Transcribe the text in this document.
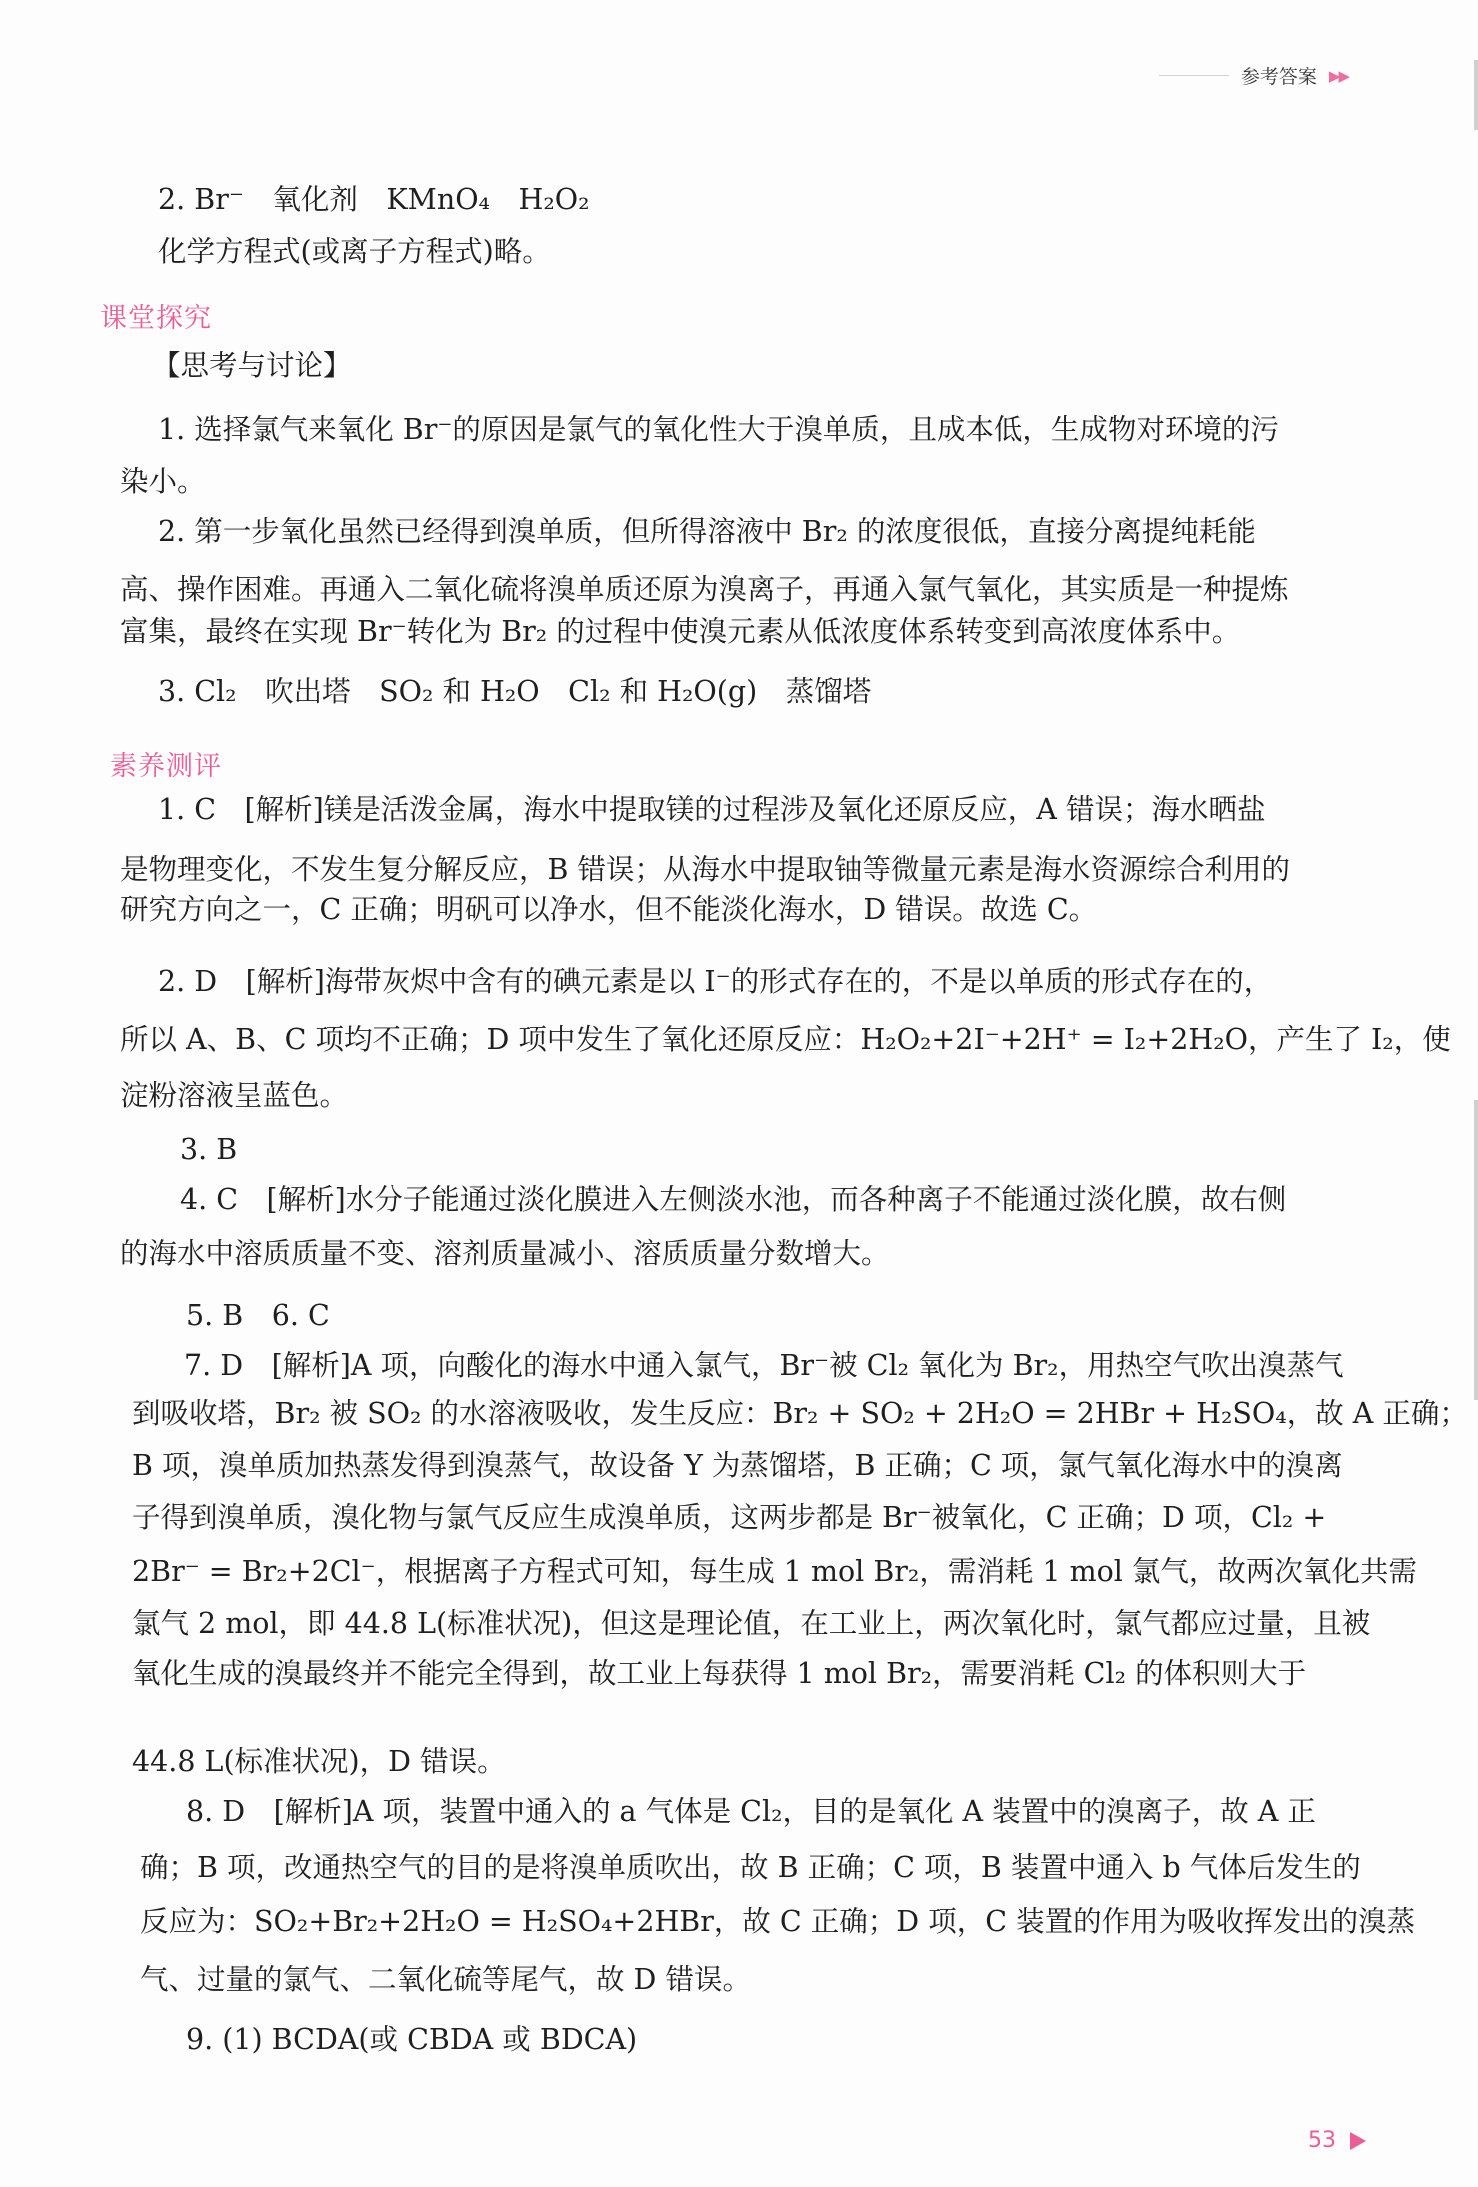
参考答案 ▶▶
2. Br⁻　氧化剂　KMnO₄　H₂O₂
化学方程式(或离子方程式)略。
课堂探究
【思考与讨论】
1. 选择氯气来氧化 Br⁻的原因是氯气的氧化性大于溴单质，且成本低，生成物对环境的污
染小。
2. 第一步氧化虽然已经得到溴单质，但所得溶液中 Br₂ 的浓度很低，直接分离提纯耗能
高、操作困难。再通入二氧化硫将溴单质还原为溴离子，再通入氯气氧化，其实质是一种提炼
富集，最终在实现 Br⁻转化为 Br₂ 的过程中使溴元素从低浓度体系转变到高浓度体系中。
3. Cl₂　吹出塔　SO₂ 和 H₂O　Cl₂ 和 H₂O(g)　蒸馏塔
素养测评
1. C　[解析]镁是活泼金属，海水中提取镁的过程涉及氧化还原反应，A 错误；海水晒盐
是物理变化，不发生复分解反应，B 错误；从海水中提取铀等微量元素是海水资源综合利用的
研究方向之一，C 正确；明矾可以净水，但不能淡化海水，D 错误。故选 C。
2. D　[解析]海带灰烬中含有的碘元素是以 I⁻的形式存在的，不是以单质的形式存在的，
所以 A、B、C 项均不正确；D 项中发生了氧化还原反应：H₂O₂+2I⁻+2H⁺ = I₂+2H₂O，产生了 I₂，使
淀粉溶液呈蓝色。
3. B
4. C　[解析]水分子能通过淡化膜进入左侧淡水池，而各种离子不能通过淡化膜，故右侧
的海水中溶质质量不变、溶剂质量减小、溶质质量分数增大。
5. B　6. C
7. D　[解析]A 项，向酸化的海水中通入氯气，Br⁻被 Cl₂ 氧化为 Br₂，用热空气吹出溴蒸气
到吸收塔，Br₂ 被 SO₂ 的水溶液吸收，发生反应：Br₂ + SO₂ + 2H₂O = 2HBr + H₂SO₄，故 A 正确；
B 项，溴单质加热蒸发得到溴蒸气，故设备 Y 为蒸馏塔，B 正确；C 项，氯气氧化海水中的溴离
子得到溴单质，溴化物与氯气反应生成溴单质，这两步都是 Br⁻被氧化，C 正确；D 项，Cl₂ +
2Br⁻ = Br₂+2Cl⁻，根据离子方程式可知，每生成 1 mol Br₂，需消耗 1 mol 氯气，故两次氧化共需
氯气 2 mol，即 44.8 L(标准状况)，但这是理论值，在工业上，两次氧化时，氯气都应过量，且被
氧化生成的溴最终并不能完全得到，故工业上每获得 1 mol Br₂，需要消耗 Cl₂ 的体积则大于
44.8 L(标准状况)，D 错误。
8. D　[解析]A 项，装置中通入的 a 气体是 Cl₂，目的是氧化 A 装置中的溴离子，故 A 正
确；B 项，改通热空气的目的是将溴单质吹出，故 B 正确；C 项，B 装置中通入 b 气体后发生的
反应为：SO₂+Br₂+2H₂O = H₂SO₄+2HBr，故 C 正确；D 项，C 装置的作用为吸收挥发出的溴蒸
气、过量的氯气、二氧化硫等尾气，故 D 错误。
9. (1) BCDA(或 CBDA 或 BDCA)
53
